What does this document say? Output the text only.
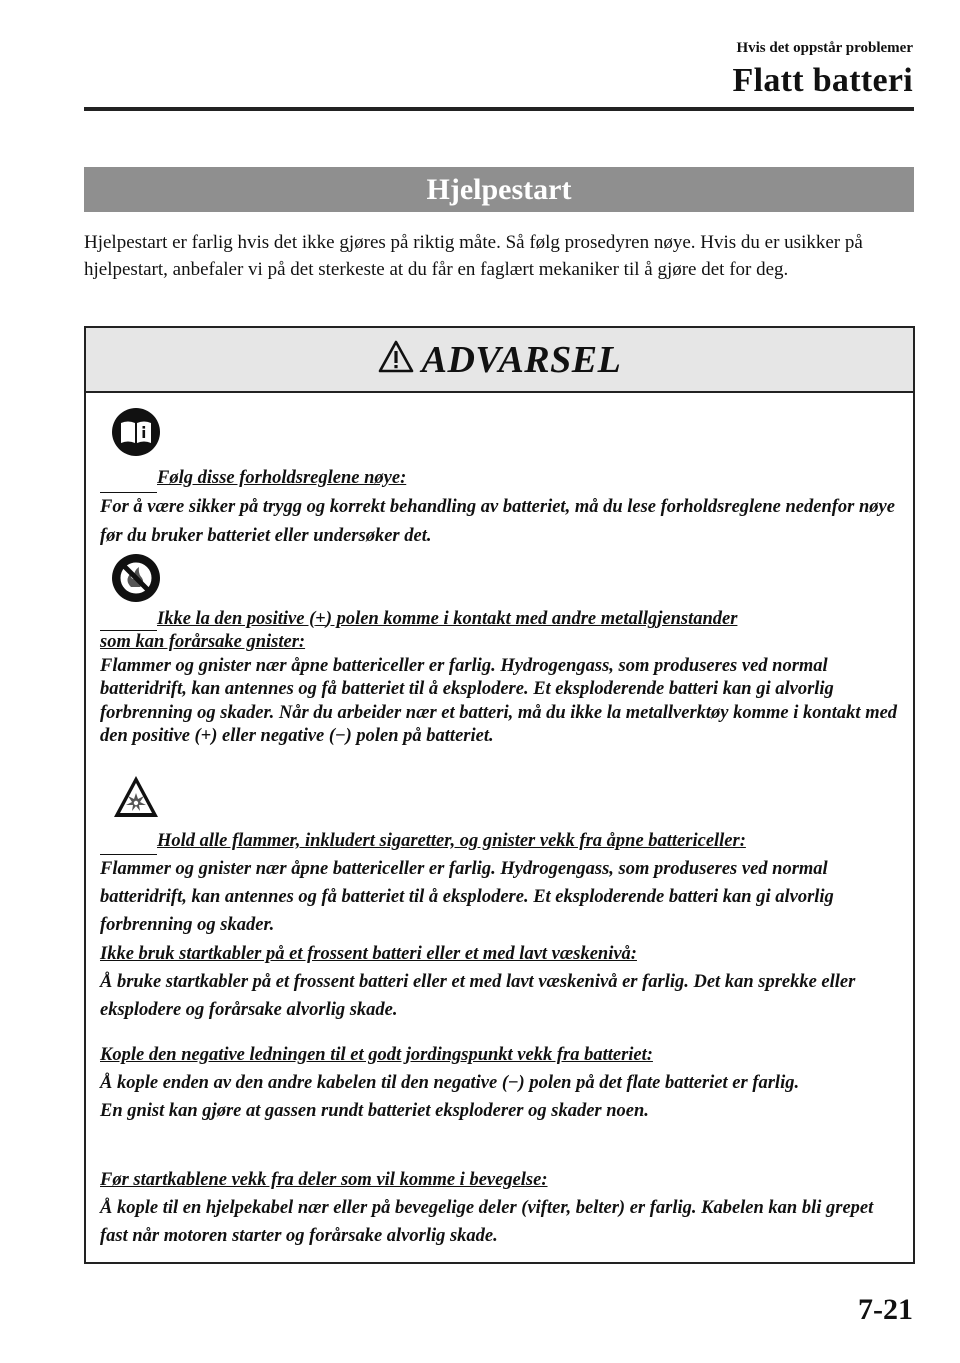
Hvis det oppstår problemer
Flatt batteri
Hjelpestart

Hjelpestart er farlig hvis det ikke gjøres på riktig måte. Så følg prosedyren nøye. Hvis du er usikker på hjelpestart, anbefaler vi på det sterkeste at du får en faglært mekaniker til å gjøre det for deg.

ADVARSEL

Følg disse forholdsreglene nøye:

For å være sikker på trygg og korrekt behandling av batteriet, må du lese forholdsreglene nedenfor nøye før du bruker batteriet eller undersøker det.

Ikke la den positive (+) polen komme i kontakt med andre metallgjenstander
som kan forårsake gnister:

Flammer og gnister nær åpne battericeller er farlig. Hydrogengass, som produseres ved normal batteridrift, kan antennes og få batteriet til å eksplodere. Et eksploderende batteri kan gi alvorlig forbrenning og skader. Når du arbeider nær et batteri, må du ikke la metallverktøy komme i kontakt med den positive (+) eller negative (−) polen på batteriet.

Hold alle flammer, inkludert sigaretter, og gnister vekk fra åpne battericeller:

Flammer og gnister nær åpne battericeller er farlig. Hydrogengass, som produseres ved normal batteridrift, kan antennes og få batteriet til å eksplodere. Et eksploderende batteri kan gi alvorlig forbrenning og skader.

Ikke bruk startkabler på et frossent batteri eller et med lavt væskenivå:

Å bruke startkabler på et frossent batteri eller et med lavt væskenivå er farlig. Det kan sprekke eller eksplodere og forårsake alvorlig skade.

Kople den negative ledningen til et godt jordingspunkt vekk fra batteriet:

Å kople enden av den andre kabelen til den negative (−) polen på det flate batteriet er farlig.

En gnist kan gjøre at gassen rundt batteriet eksploderer og skader noen.

Før startkablene vekk fra deler som vil komme i bevegelse:

Å kople til en hjelpekabel nær eller på bevegelige deler (vifter, belter) er farlig. Kabelen kan bli grepet fast når motoren starter og forårsake alvorlig skade.

7-21
